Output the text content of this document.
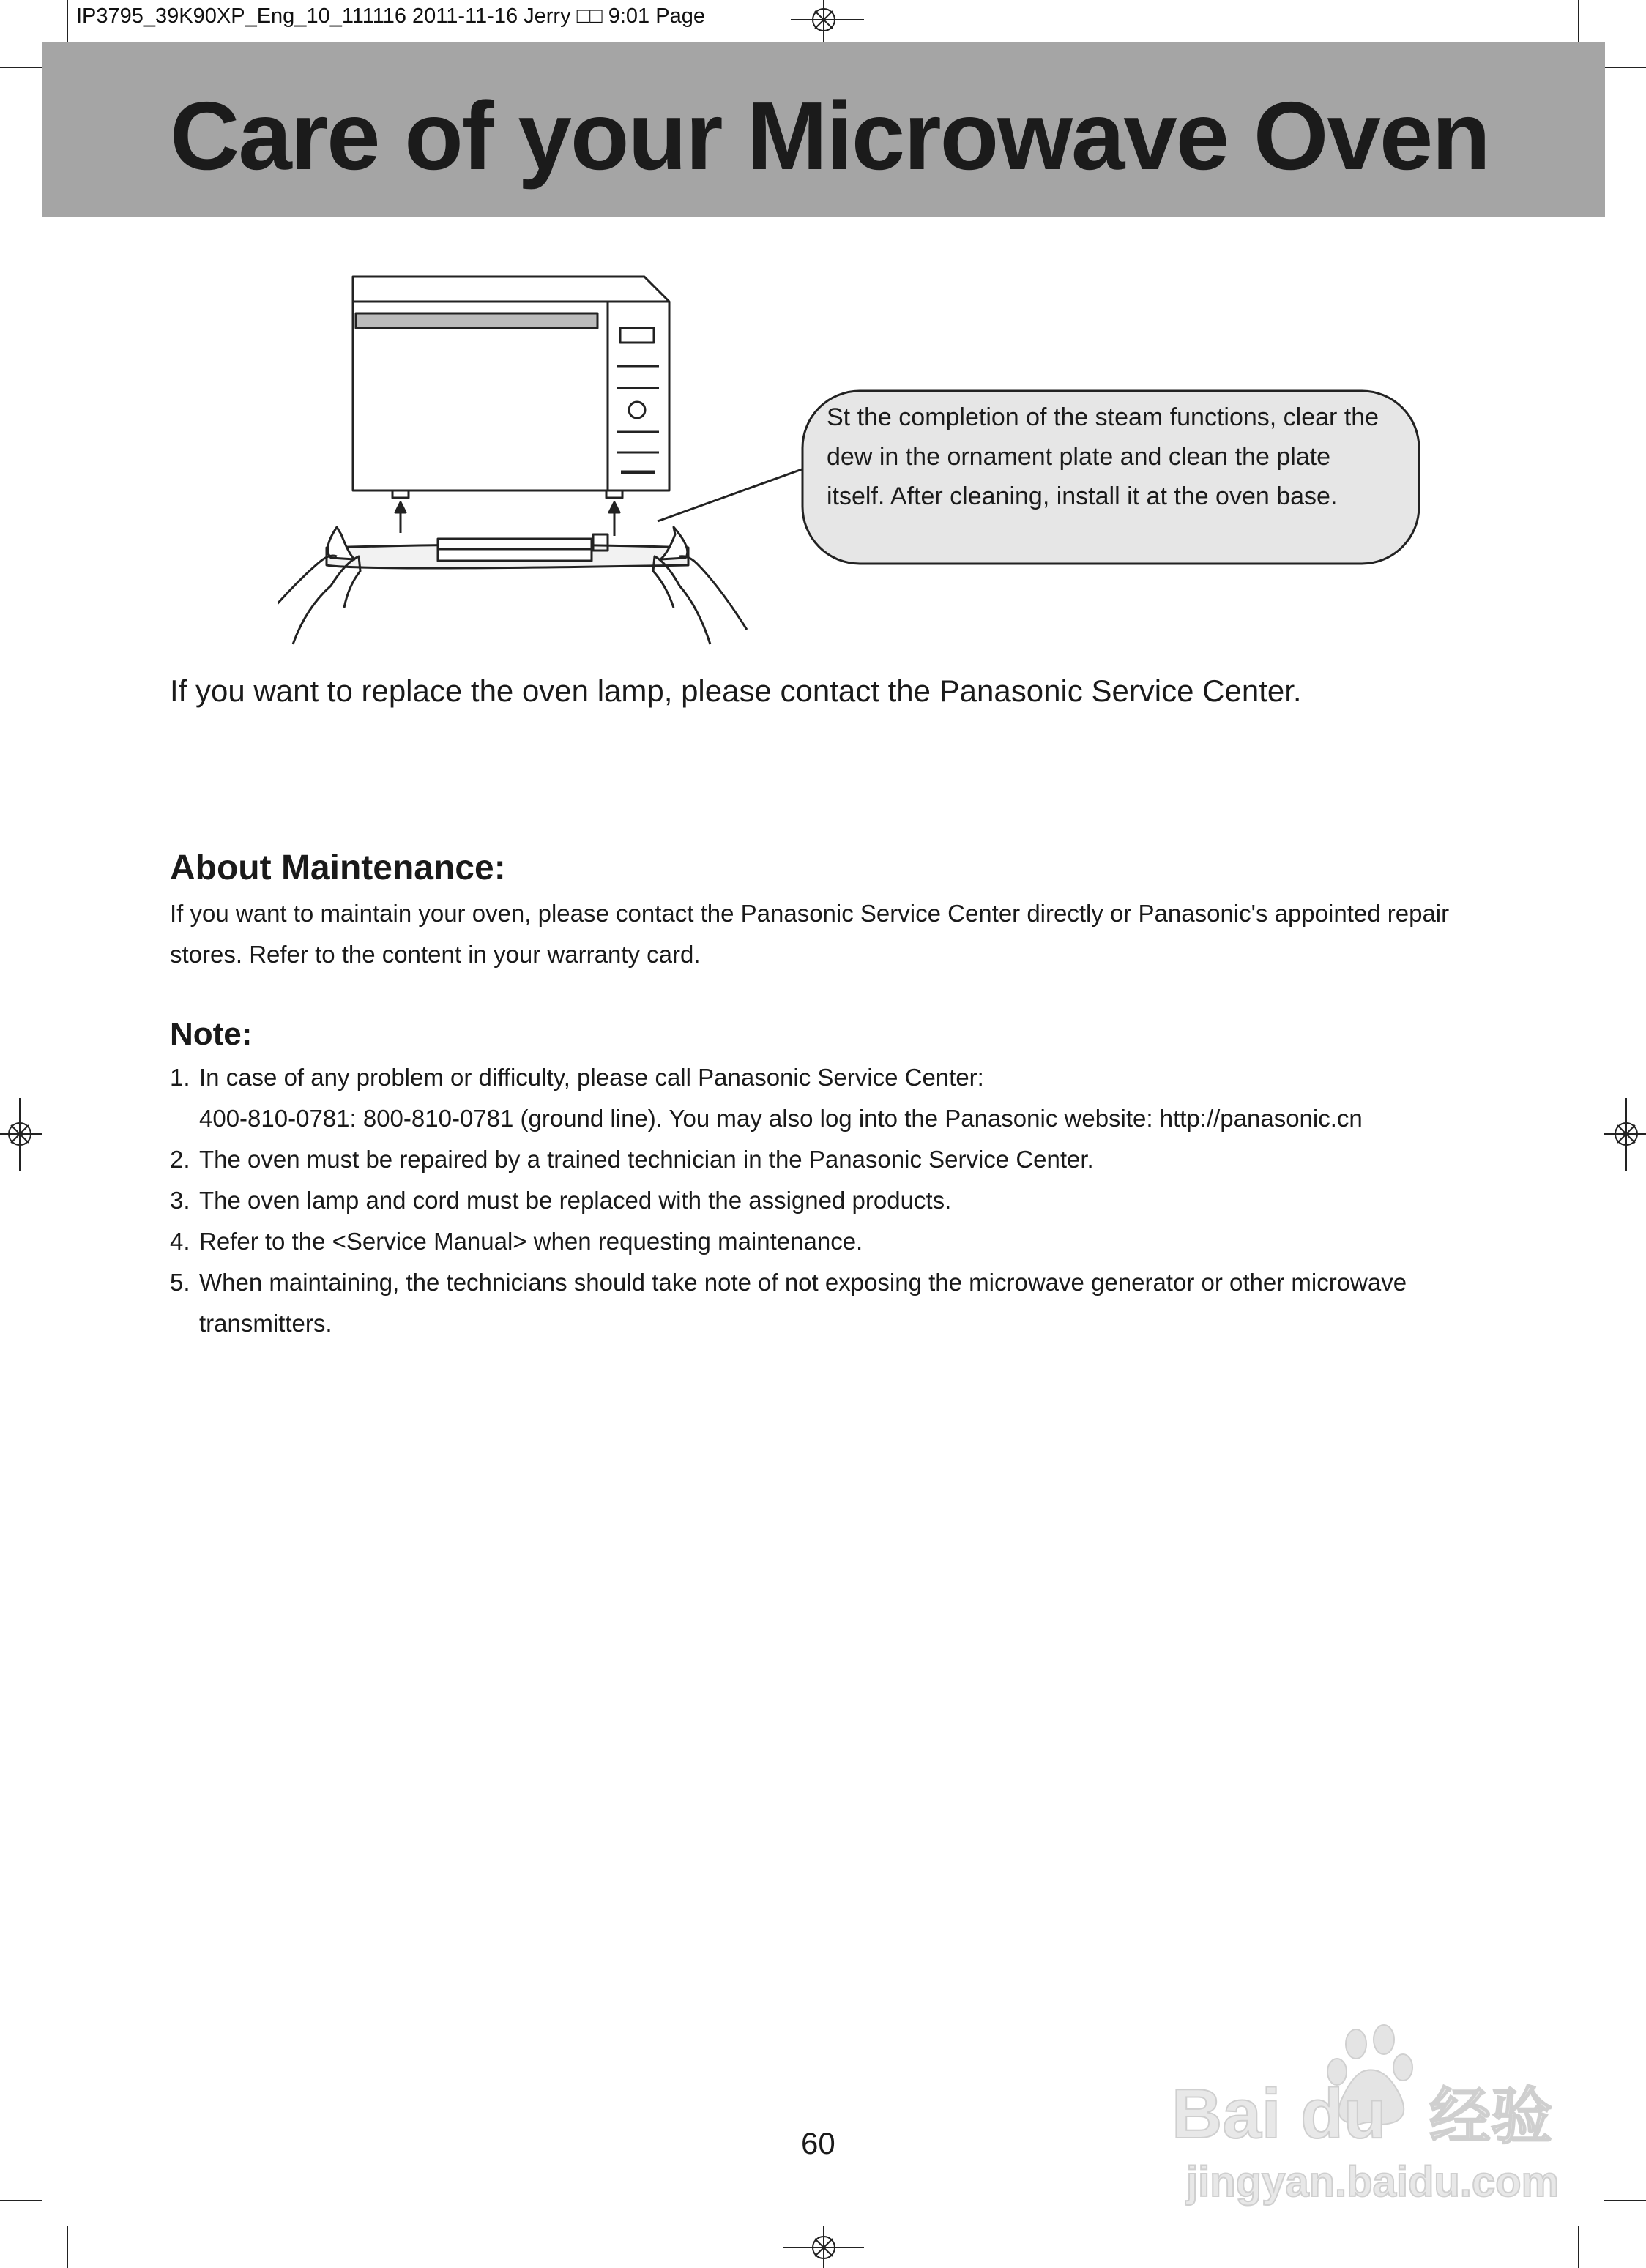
IP3795_39K90XP_Eng_10_111116 2011-11-16 Jerry □□ 9:01 Page
Care of your Microwave Oven
St the completion of the steam functions, clear the dew in the ornament plate and clean the plate itself. After cleaning, install it at the oven base.
If you want to replace the oven lamp, please contact the Panasonic Service Center.
About Maintenance:
If you want to maintain your oven, please contact the Panasonic Service Center directly or Panasonic's appointed repair stores. Refer to the content in your warranty card.
Note:
1. In case of any problem or difficulty, please call Panasonic Service Center:
400-810-0781: 800-810-0781 (ground line). You may also log into the Panasonic website: http://panasonic.cn
2. The oven must be repaired by a trained technician in the Panasonic Service Center.
3. The oven lamp and cord must be replaced with the assigned products.
4. Refer to the <Service Manual> when requesting maintenance.
5. When maintaining, the technicians should take note of not exposing the microwave generator or other microwave transmitters.
60	Bai du 经验
jingyan.baidu.com
